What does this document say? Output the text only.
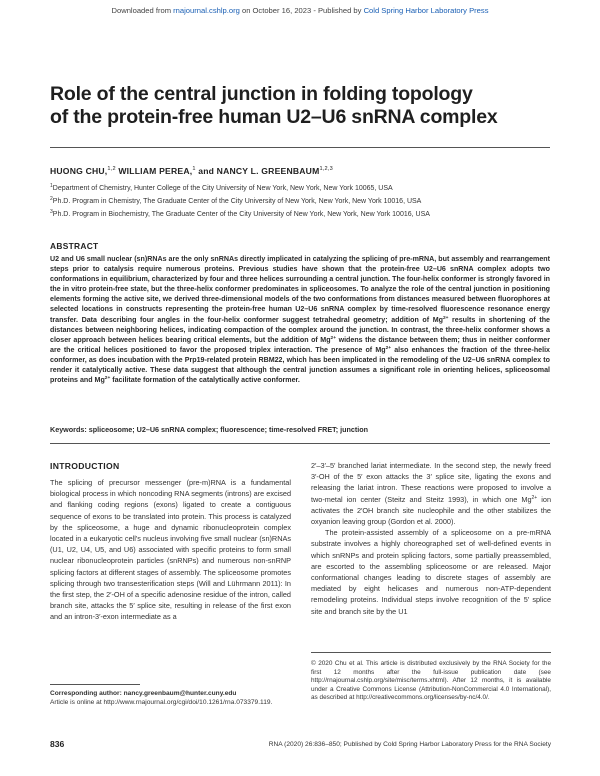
Downloaded from rnajournal.cshlp.org on October 16, 2023 - Published by Cold Spring Harbor Laboratory Press
Role of the central junction in folding topology
of the protein-free human U2–U6 snRNA complex
HUONG CHU,$^{1,2}$ WILLIAM PEREA,$^1$ and NANCY L. GREENBAUM$^{1,2,3}$
$^1$Department of Chemistry, Hunter College of the City University of New York, New York, New York 10065, USA
$^2$Ph.D. Program in Chemistry, The Graduate Center of the City University of New York, New York, New York 10016, USA
$^3$Ph.D. Program in Biochemistry, The Graduate Center of the City University of New York, New York, New York 10016, USA
ABSTRACT
U2 and U6 small nuclear (sn)RNAs are the only snRNAs directly implicated in catalyzing the splicing of pre-mRNA, but assembly and rearrangement steps prior to catalysis require numerous proteins. Previous studies have shown that the protein-free U2–U6 snRNA complex adopts two conformations in equilibrium, characterized by four and three helices surrounding a central junction. The four-helix conformer is strongly favored in the in vitro protein-free state, but the three-helix conformer predominates in spliceosomes. To analyze the role of the central junction in positioning elements forming the active site, we derived three-dimensional models of the two conformations from distances measured between fluorophores at selected locations in constructs representing the protein-free human U2–U6 snRNA complex by time-resolved fluorescence resonance energy transfer. Data describing four angles in the four-helix conformer suggest tetrahedral geometry; addition of $Mg^{2+}$ results in shortening of the distances between neighboring helices, indicating compaction of the complex around the junction. In contrast, the three-helix conformer shows a closer approach between helices bearing critical elements, but the addition of $Mg^{2+}$ widens the distance between them; thus in neither conformer are the critical helices positioned to favor the proposed triplex interaction. The presence of $Mg^{2+}$ also enhances the fraction of the three-helix conformer, as does incubation with the Prp19-related protein RBM22, which has been implicated in the remodeling of the U2–U6 snRNA complex to render it catalytically active. These data suggest that although the central junction assumes a significant role in orienting helices, spliceosomal proteins and $Mg^{2+}$ facilitate formation of the catalytically active conformer.
Keywords: spliceosome; U2–U6 snRNA complex; fluorescence; time-resolved FRET; junction
INTRODUCTION

The splicing of precursor messenger (pre-m)RNA is a fundamental biological process in which noncoding RNA segments (introns) are excised and flanking coding regions (exons) ligated to create a contiguous sequence of exons to be translated into protein. This process is catalyzed by the spliceosome, a huge and dynamic ribonucleoprotein complex located in a eukaryotic cell's nucleus involving five small nuclear (sn)RNAs (U1, U2, U4, U5, and U6) associated with specific proteins to form small nuclear ribonucleoprotein particles (snRNPs) and numerous non-snRNP splicing factors at different stages of assembly. The spliceosome promotes splicing through two transesterification steps (Will and Lührmann 2011): In the first step, the 2′-OH of a specific adenosine residue of the intron, called branch site, attacks the 5′ splice site, resulting in release of the first exon and an intron-3′-exon intermediate as a

2′–3′–5′ branched lariat intermediate. In the second step, the newly freed 3′-OH of the 5′ exon attacks the 3′ splice site, ligating the exons and releasing the lariat intron. These reactions were proposed to involve a two-metal ion center (Steitz and Steitz 1993), in which one $Mg^{2+}$ ion activates the 2′OH branch site nucleophile and the other stabilizes the oxyanion leaving group (Gordon et al. 2000).

The protein-assisted assembly of a spliceosome on a pre-mRNA substrate involves a highly choreographed set of well-defined events in which snRNPs and protein splicing factors, some partially preassembled, are escorted to the assembling spliceosome or are released. Major conformational changes leading to discrete stages of assembly are mediated by eight helicases and numerous non-ATP-dependent remodeling proteins. Individual steps involve recognition of the 5′ splice site and branch site by the U1

© 2020 Chu et al. This article is distributed exclusively by the RNA Society for the first 12 months after the full-issue publication date (see http://rnajournal.cshlp.org/site/misc/terms.xhtml). After 12 months, it is available under a Creative Commons License (Attribution-NonCommercial 4.0 International), as described at http://creativecommons.org/licenses/by-nc/4.0/.
Corresponding author: nancy.greenbaum@hunter.cuny.edu
Article is online at http://www.rnajournal.org/cgi/doi/10.1261/rna.073379.119.
836	RNA (2020) 26:836–850; Published by Cold Spring Harbor Laboratory Press for the RNA Society
